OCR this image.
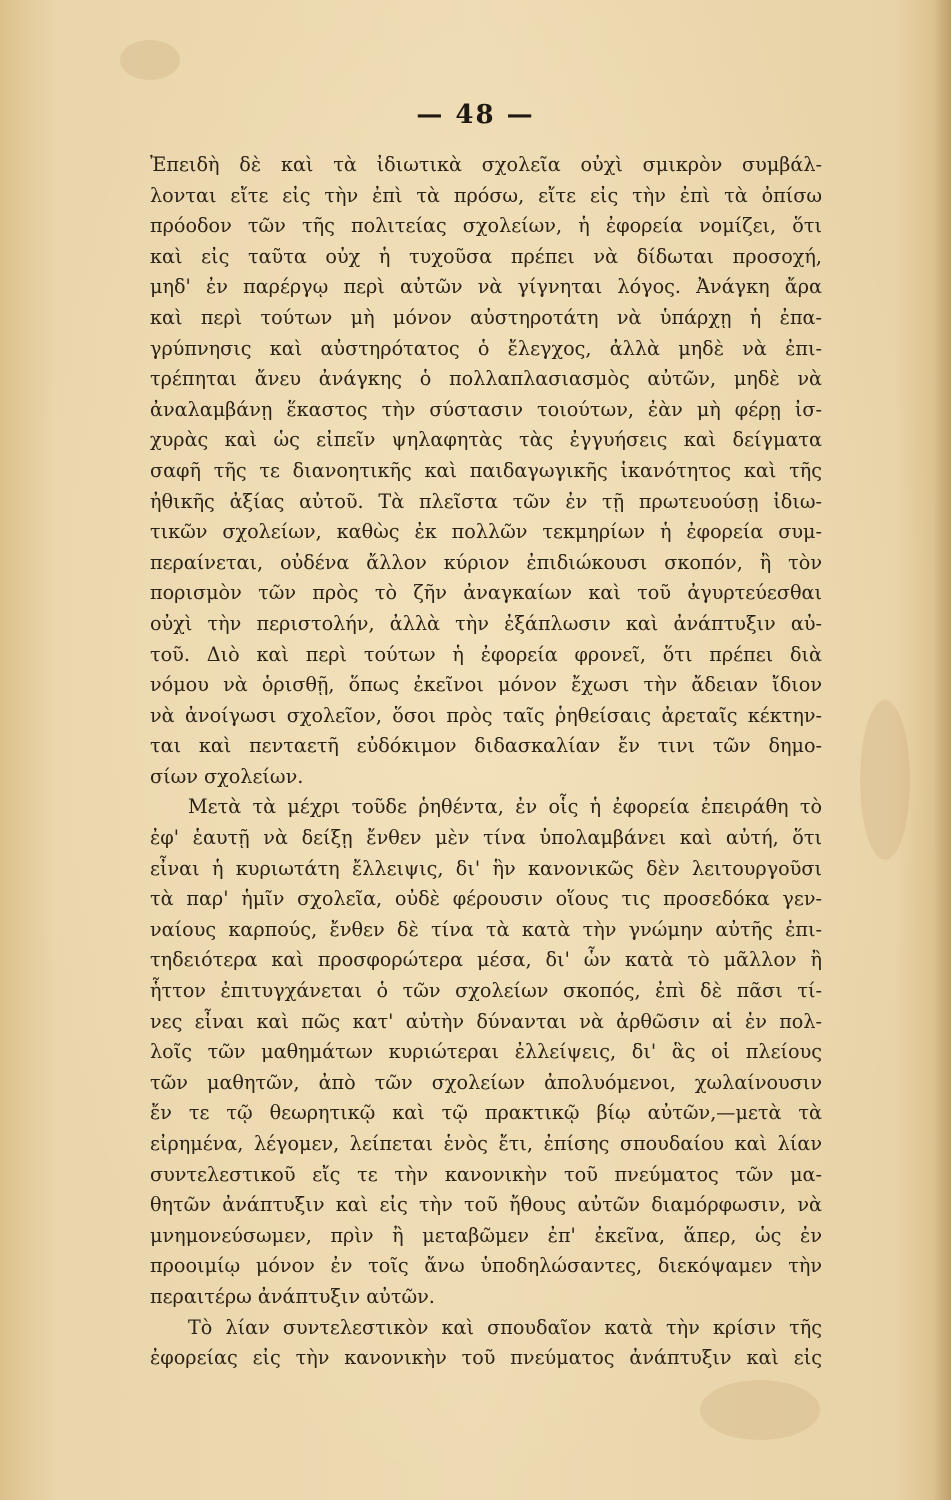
— 48 —
Ἐπειδὴ δὲ καὶ τὰ ἰδιωτικὰ σχολεῖα οὐχὶ σμικρὸν συμβάλ-
λονται εἴτε εἰς τὴν ἐπὶ τὰ πρόσω, εἴτε εἰς τὴν ἐπὶ τὰ ὀπίσω
πρόοδον τῶν τῆς πολιτείας σχολείων, ἡ ἐφορεία νομίζει, ὅτι
καὶ εἰς ταῦτα οὐχ ἡ τυχοῦσα πρέπει νὰ δίδωται προσοχή,
μηδ' ἐν παρέργῳ περὶ αὐτῶν νὰ γίγνηται λόγος. Ἀνάγκη ἄρα
καὶ περὶ τούτων μὴ μόνον αὐστηροτάτη νὰ ὑπάρχῃ ἡ ἐπα-
γρύπνησις καὶ αὐστηρότατος ὁ ἔλεγχος, ἀλλὰ μηδὲ νὰ ἐπι-
τρέπηται ἄνευ ἀνάγκης ὁ πολλαπλασιασμὸς αὐτῶν, μηδὲ νὰ
ἀναλαμβάνῃ ἕκαστος τὴν σύστασιν τοιούτων, ἐὰν μὴ φέρῃ ἰσ-
χυρὰς καὶ ὡς εἰπεῖν ψηλαφητὰς τὰς ἐγγυήσεις καὶ δείγματα
σαφῆ τῆς τε διανοητικῆς καὶ παιδαγωγικῆς ἱκανότητος καὶ τῆς
ἠθικῆς ἀξίας αὐτοῦ. Τὰ πλεῖστα τῶν ἐν τῇ πρωτευούσῃ ἰδιω-
τικῶν σχολείων, καθὼς ἐκ πολλῶν τεκμηρίων ἡ ἐφορεία συμ-
περαίνεται, οὐδένα ἄλλον κύριον ἐπιδιώκουσι σκοπόν, ἢ τὸν
πορισμὸν τῶν πρὸς τὸ ζῆν ἀναγκαίων καὶ τοῦ ἀγυρτεύεσθαι
οὐχὶ τὴν περιστολήν, ἀλλὰ τὴν ἐξάπλωσιν καὶ ἀνάπτυξιν αὐ-
τοῦ. Διὸ καὶ περὶ τούτων ἡ ἐφορεία φρονεῖ, ὅτι πρέπει διὰ
νόμου νὰ ὁρισθῇ, ὅπως ἐκεῖνοι μόνον ἔχωσι τὴν ἄδειαν ἴδιον
νὰ ἀνοίγωσι σχολεῖον, ὅσοι πρὸς ταῖς ῥηθείσαις ἀρεταῖς κέκτην-
ται καὶ πενταετῆ εὐδόκιμον διδασκαλίαν ἔν τινι τῶν δημο-
σίων σχολείων.
Μετὰ τὰ μέχρι τοῦδε ῥηθέντα, ἐν οἷς ἡ ἐφορεία ἐπειράθη τὸ
ἐφ' ἑαυτῇ νὰ δείξῃ ἔνθεν μὲν τίνα ὑπολαμβάνει καὶ αὐτή, ὅτι
εἶναι ἡ κυριωτάτη ἔλλειψις, δι' ἣν κανονικῶς δὲν λειτουργοῦσι
τὰ παρ' ἡμῖν σχολεῖα, οὐδὲ φέρουσιν οἵους τις προσεδόκα γεν-
ναίους καρπούς, ἔνθεν δὲ τίνα τὰ κατὰ τὴν γνώμην αὐτῆς ἐπι-
τηδειότερα καὶ προσφορώτερα μέσα, δι' ὧν κατὰ τὸ μᾶλλον ἢ
ἧττον ἐπιτυγχάνεται ὁ τῶν σχολείων σκοπός, ἐπὶ δὲ πᾶσι τί-
νες εἶναι καὶ πῶς κατ' αὐτὴν δύνανται νὰ ἀρθῶσιν αἱ ἐν πολ-
λοῖς τῶν μαθημάτων κυριώτεραι ἐλλείψεις, δι' ἃς οἱ πλείους
τῶν μαθητῶν, ἀπὸ τῶν σχολείων ἀπολυόμενοι, χωλαίνουσιν
ἔν τε τῷ θεωρητικῷ καὶ τῷ πρακτικῷ βίῳ αὐτῶν,—μετὰ τὰ
εἰρημένα, λέγομεν, λείπεται ἑνὸς ἔτι, ἐπίσης σπουδαίου καὶ λίαν
συντελεστικοῦ εἴς τε τὴν κανονικὴν τοῦ πνεύματος τῶν μα-
θητῶν ἀνάπτυξιν καὶ εἰς τὴν τοῦ ἤθους αὐτῶν διαμόρφωσιν, νὰ
μνημονεύσωμεν, πρὶν ἢ μεταβῶμεν ἐπ' ἐκεῖνα, ἅπερ, ὡς ἐν
προοιμίῳ μόνον ἐν τοῖς ἄνω ὑποδηλώσαντες, διεκόψαμεν τὴν
περαιτέρω ἀνάπτυξιν αὐτῶν.
Τὸ λίαν συντελεστικὸν καὶ σπουδαῖον κατὰ τὴν κρίσιν τῆς
ἐφορείας εἰς τὴν κανονικὴν τοῦ πνεύματος ἀνάπτυξιν καὶ εἰς
